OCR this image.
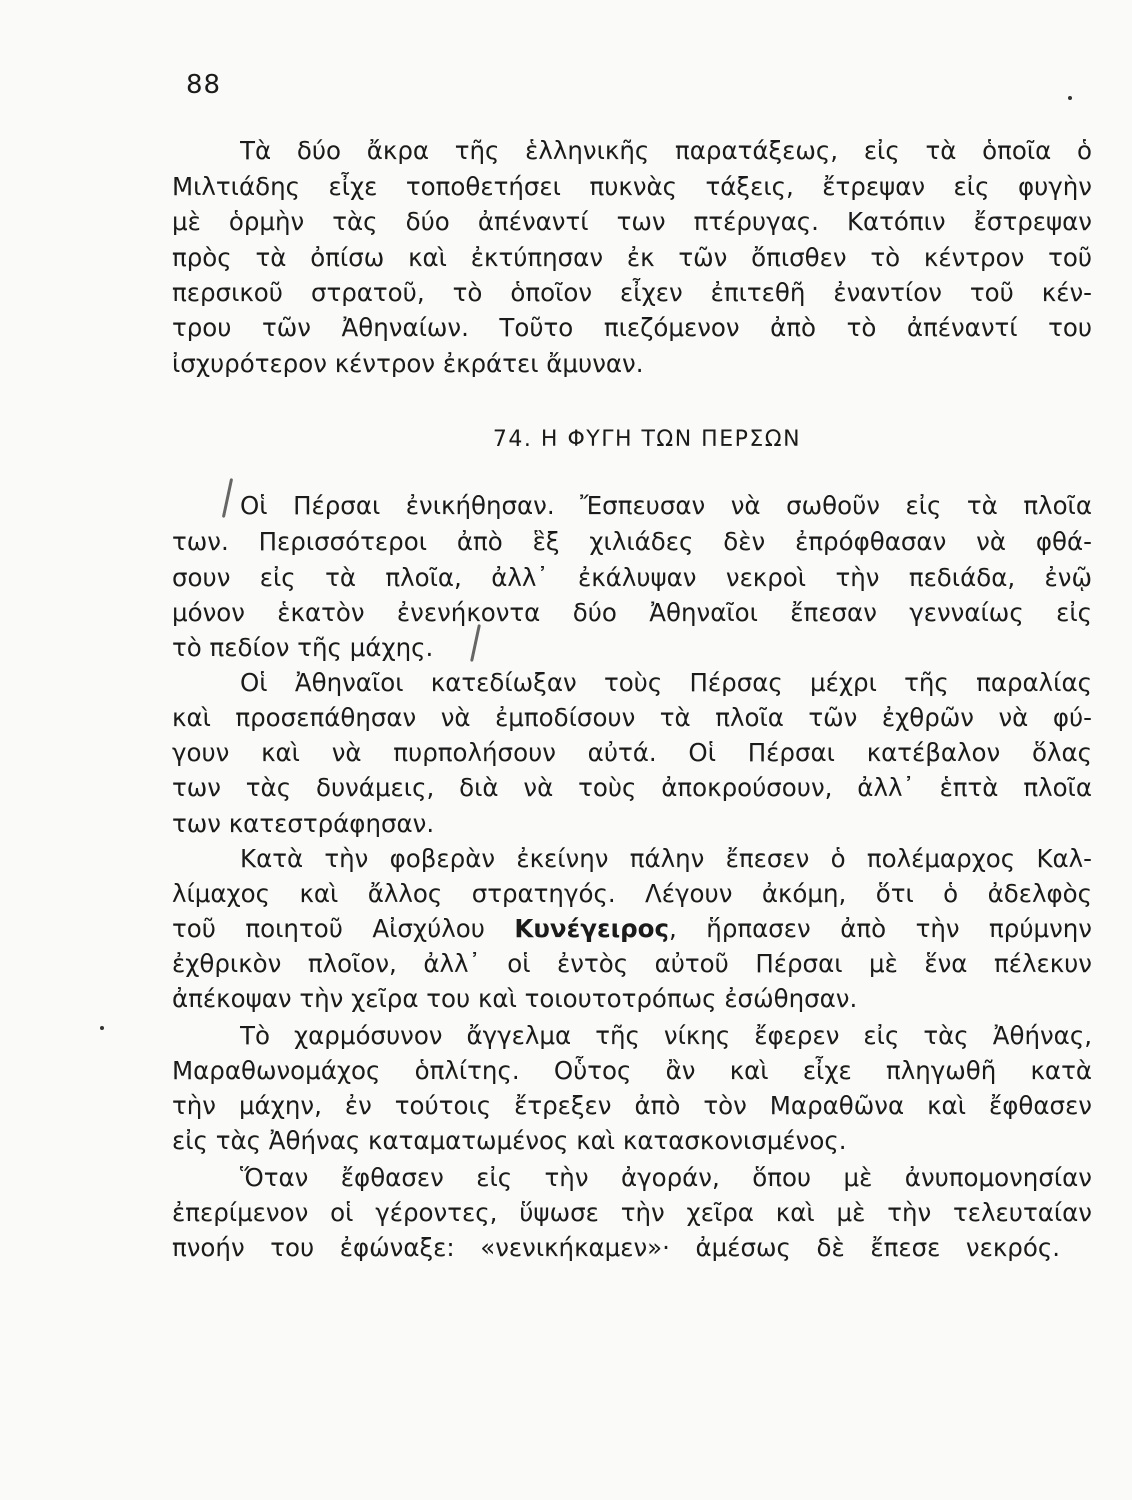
88
Τὰ δύο ἄκρα τῆς ἑλληνικῆς παρατάξεως, εἰς τὰ ὁποῖα ὁ
Μιλτιάδης εἶχε τοποθετήσει πυκνὰς τάξεις, ἔτρεψαν εἰς φυγὴν
μὲ ὁρμὴν τὰς δύο ἀπέναντί των πτέρυγας. Κατόπιν ἔστρεψαν
πρὸς τὰ ὀπίσω καὶ ἐκτύπησαν ἐκ τῶν ὄπισθεν τὸ κέντρον τοῦ
περσικοῦ στρατοῦ, τὸ ὁποῖον εἶχεν ἐπιτεθῆ ἐναντίον τοῦ κέν-
τρου τῶν Ἀθηναίων. Τοῦτο πιεζόμενον ἀπὸ τὸ ἀπέναντί του
ἰσχυρότερον κέντρον ἐκράτει ἄμυναν.
74. Η ΦΥΓΗ ΤΩΝ ΠΕΡΣΩΝ
Οἱ Πέρσαι ἐνικήθησαν. Ἔσπευσαν νὰ σωθοῦν εἰς τὰ πλοῖα
των. Περισσότεροι ἀπὸ ἓξ χιλιάδες δὲν ἐπρόφθασαν νὰ φθά-
σουν εἰς τὰ πλοῖα, ἀλλ᾽ ἐκάλυψαν νεκροὶ τὴν πεδιάδα, ἐνῷ
μόνον ἑκατὸν ἐνενήκοντα δύο Ἀθηναῖοι ἔπεσαν γενναίως εἰς
τὸ πεδίον τῆς μάχης.
Οἱ Ἀθηναῖοι κατεδίωξαν τοὺς Πέρσας μέχρι τῆς παραλίας
καὶ προσεπάθησαν νὰ ἐμποδίσουν τὰ πλοῖα τῶν ἐχθρῶν νὰ φύ-
γουν καὶ νὰ πυρπολήσουν αὐτά. Οἱ Πέρσαι κατέβαλον ὅλας
των τὰς δυνάμεις, διὰ νὰ τοὺς ἀποκρούσουν, ἀλλ᾽ ἑπτὰ πλοῖα
των κατεστράφησαν.
Κατὰ τὴν φοβερὰν ἐκείνην πάλην ἔπεσεν ὁ πολέμαρχος Καλ-
λίμαχος καὶ ἄλλος στρατηγός. Λέγουν ἀκόμη, ὅτι ὁ ἀδελφὸς
τοῦ ποιητοῦ Αἰσχύλου Κυνέγειρος, ἥρπασεν ἀπὸ τὴν πρύμνην
ἐχθρικὸν πλοῖον, ἀλλ᾽ οἱ ἐντὸς αὐτοῦ Πέρσαι μὲ ἕνα πέλεκυν
ἀπέκοψαν τὴν χεῖρα του καὶ τοιουτοτρόπως ἐσώθησαν.
Τὸ χαρμόσυνον ἄγγελμα τῆς νίκης ἔφερεν εἰς τὰς Ἀθήνας,
Μαραθωνομάχος ὁπλίτης. Οὗτος ἂν καὶ εἶχε πληγωθῆ κατὰ
τὴν μάχην, ἐν τούτοις ἔτρεξεν ἀπὸ τὸν Μαραθῶνα καὶ ἔφθασεν
εἰς τὰς Ἀθήνας καταματωμένος καὶ κατασκονισμένος.
Ὅταν ἔφθασεν εἰς τὴν ἀγοράν, ὅπου μὲ ἀνυπομονησίαν
ἐπερίμενον οἱ γέροντες, ὕψωσε τὴν χεῖρα καὶ μὲ τὴν τελευταίαν
πνοήν του ἐφώναξε: «νενικήκαμεν»· ἀμέσως δὲ ἔπεσε νεκρός.
